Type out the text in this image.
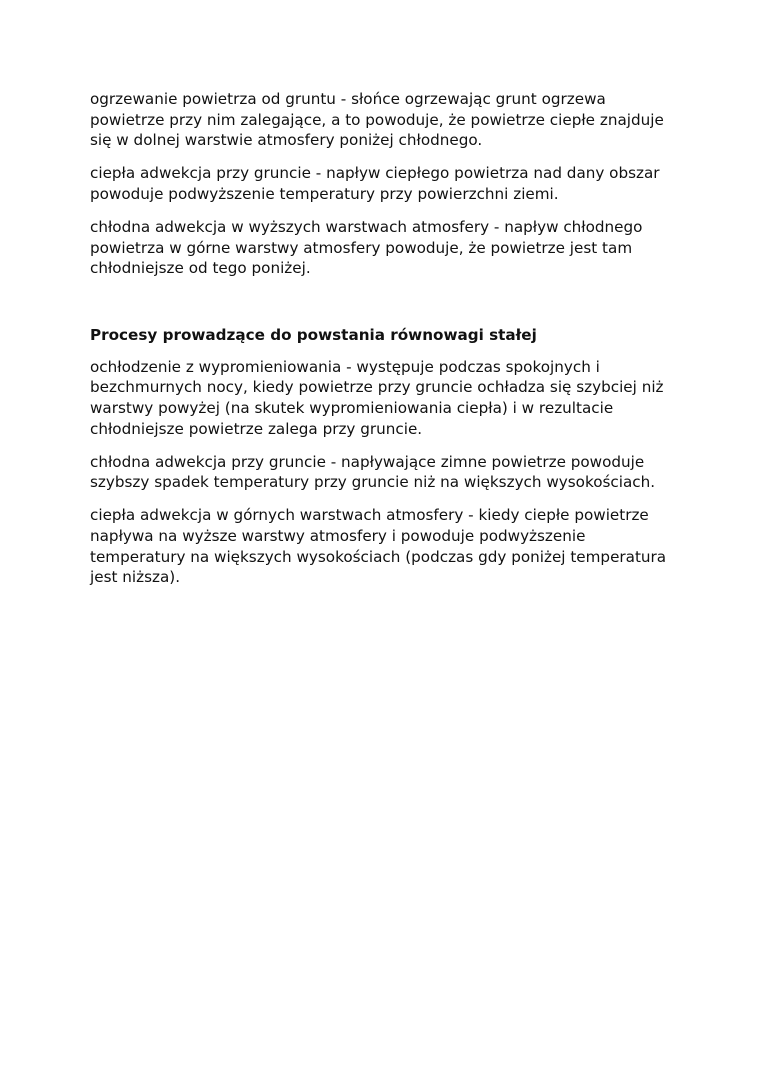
ogrzewanie powietrza od gruntu - słońce ogrzewając grunt ogrzewa powietrze przy nim zalegające, a to powoduje, że powietrze ciepłe znajduje się w dolnej warstwie atmosfery poniżej chłodnego.

ciepła adwekcja przy gruncie - napływ ciepłego powietrza nad dany obszar powoduje podwyższenie temperatury przy powierzchni ziemi.

chłodna adwekcja w wyższych warstwach atmosfery - napływ chłodnego powietrza w górne warstwy atmosfery powoduje, że powietrze jest tam chłodniejsze od tego poniżej.

Procesy prowadzące do powstania równowagi stałej

ochłodzenie z wypromieniowania - występuje podczas spokojnych i bezchmurnych nocy, kiedy powietrze przy gruncie ochładza się szybciej niż warstwy powyżej (na skutek wypromieniowania ciepła) i w rezultacie chłodniejsze powietrze zalega przy gruncie.

chłodna adwekcja przy gruncie - napływające zimne powietrze powoduje szybszy spadek temperatury przy gruncie niż na większych wysokościach.

ciepła adwekcja w górnych warstwach atmosfery - kiedy ciepłe powietrze napływa na wyższe warstwy atmosfery i powoduje podwyższenie temperatury na większych wysokościach (podczas gdy poniżej temperatura jest niższa).
